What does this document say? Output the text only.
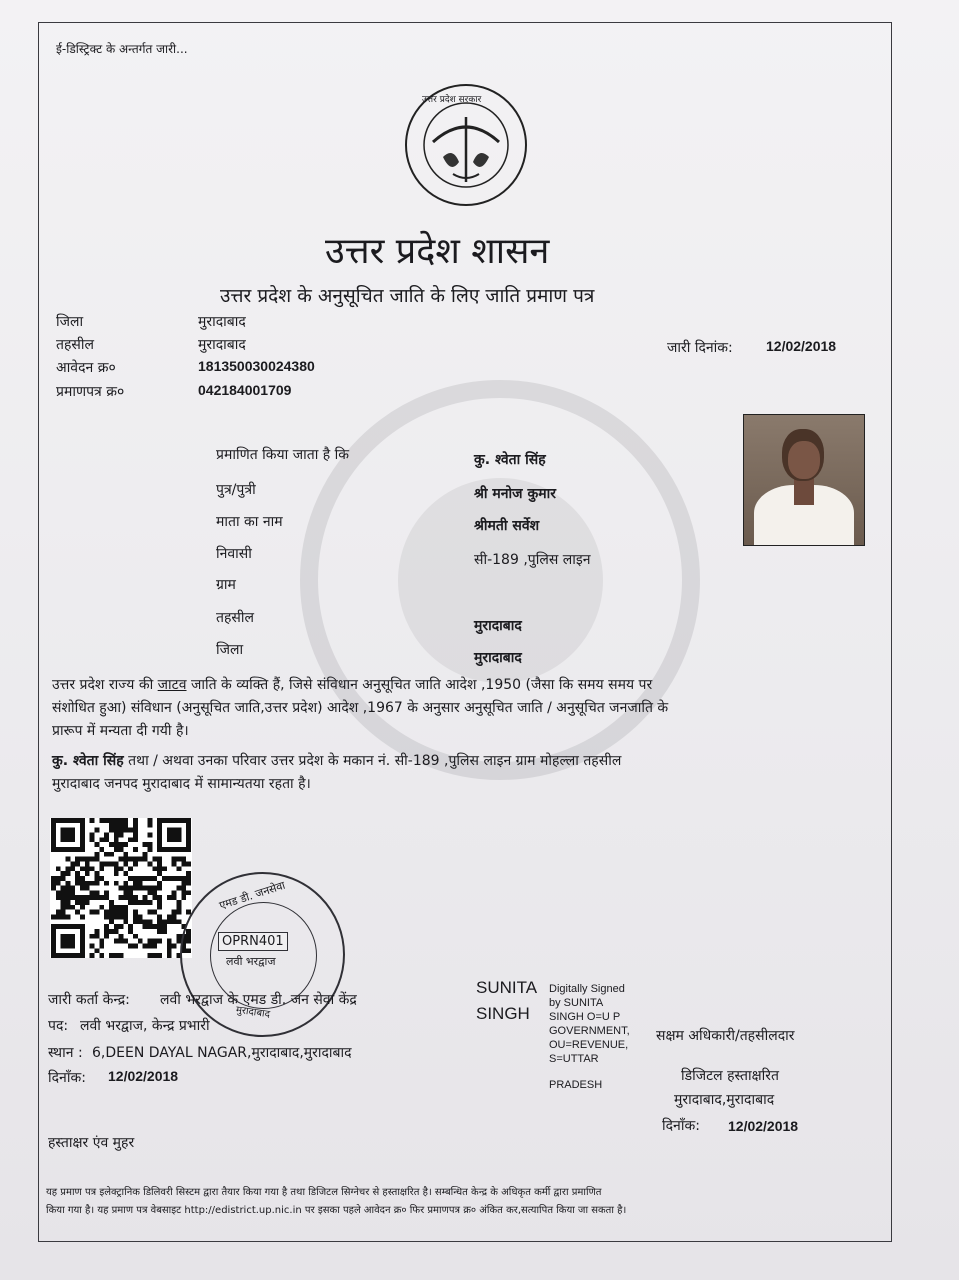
ई-डिस्ट्रिक्ट के अन्तर्गत जारी...
उत्तर प्रदेश सरकार
उत्तर प्रदेश शासन
उत्तर प्रदेश के अनुसूचित जाति के लिए जाति प्रमाण पत्र
जिला	मुरादाबाद
तहसील	मुरादाबाद
आवेदन क्र०	181350030024380
प्रमाणपत्र क्र०	042184001709
जारी दिनांक: 12/02/2018
प्रमाणित किया जाता है कि	कु. श्वेता सिंह
पुत्र/पुत्री	श्री मनोज कुमार
माता का नाम	श्रीमती सर्वेश
निवासी	सी-189 ,पुलिस लाइन
ग्राम
तहसील	मुरादाबाद
जिला	मुरादाबाद
उत्तर प्रदेश राज्य की जाटव जाति के व्यक्ति हैं, जिसे संविधान अनुसूचित जाति आदेश ,1950 (जैसा कि समय समय पर
संशोधित हुआ) संविधान (अनुसूचित जाति,उत्तर प्रदेश) आदेश ,1967 के अनुसार अनुसूचित जाति / अनुसूचित जनजाति के
प्रारूप में मन्यता दी गयी है।
कु. श्वेता सिंह तथा / अथवा उनका परिवार उत्तर प्रदेश के मकान नं. सी-189 ,पुलिस लाइन ग्राम मोहल्ला तहसील
मुरादाबाद जनपद मुरादाबाद में सामान्यतया रहता है।
एमड डी. जनसेवा
OPRN401
लवी भरद्वाज
मुरादाबाद
जारी कर्ता केन्द्र: लवी भरद्वाज के एमड डी. जन सेवा केंद्र
पद: लवी भरद्वाज, केन्द्र प्रभारी
स्थान : 6,DEEN DAYAL NAGAR,मुरादाबाद,मुरादाबाद
दिनाँक: 12/02/2018
हस्ताक्षर एंव मुहर
SUNITA
SINGH
Digitally Signed
by SUNITA
SINGH O=U P
GOVERNMENT,
OU=REVENUE,
S=UTTAR
PRADESH
सक्षम अधिकारी/तहसीलदार
डिजिटल हस्ताक्षरित
मुरादाबाद,मुरादाबाद
दिनाँक: 12/02/2018
यह प्रमाण पत्र इलेक्ट्रानिक डिलिवरी सिस्टम द्वारा तैयार किया गया है तथा डिजिटल सिग्नेचर से हस्ताक्षरित है। सम्बन्धित केन्द्र के अधिकृत कर्मी द्वारा प्रमाणित
किया गया है। यह प्रमाण पत्र वेबसाइट http://edistrict.up.nic.in पर इसका पहले आवेदन क्र० फिर प्रमाणपत्र क्र० अंकित कर,सत्यापित किया जा सकता है।
